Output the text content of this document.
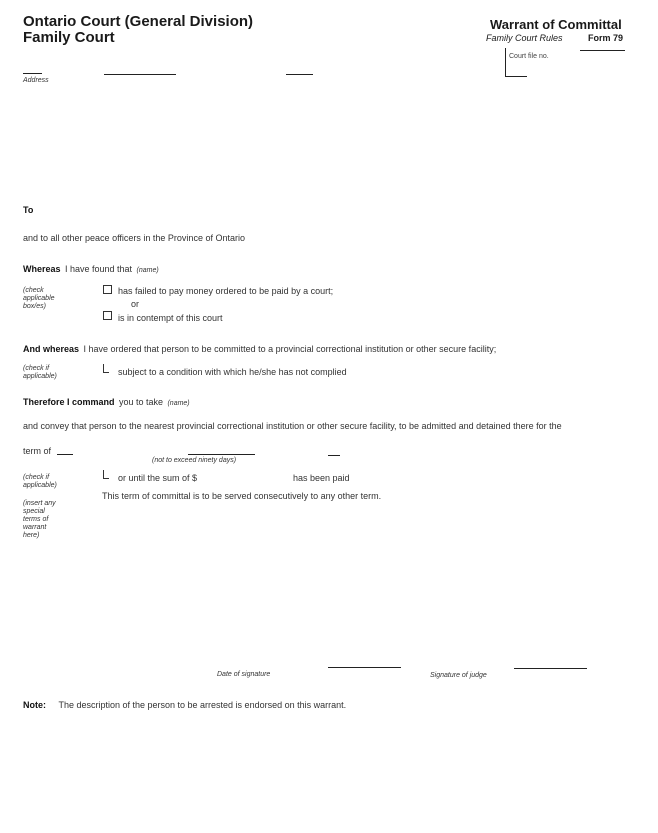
Ontario Court (General Division)
Family Court
Warrant of Committal
Family Court Rules	Form 79
Court file no.
Address
To
and to all other peace officers in the Province of Ontario
Whereas I have found that (name)
(check
applicable
box/es)
has failed to pay money ordered to be paid by a court;
or
is in contempt of this court
And whereas I have ordered that person to be committed to a provincial correctional institution or other secure facility;
(check if
applicable)	subject to a condition with which he/she has not complied
Therefore I command you to take (name)
and convey that person to the nearest provincial correctional institution or other secure facility, to be admitted and detained there for the
term of
(not to exceed ninety days)
(check if
applicable)
or until the sum of $	has been paid
This term of committal is to be served consecutively to any other term.
(insert any
special
terms of
warrant
here)
Date of signature	Signature of judge
Note: The description of the person to be arrested is endorsed on this warrant.
